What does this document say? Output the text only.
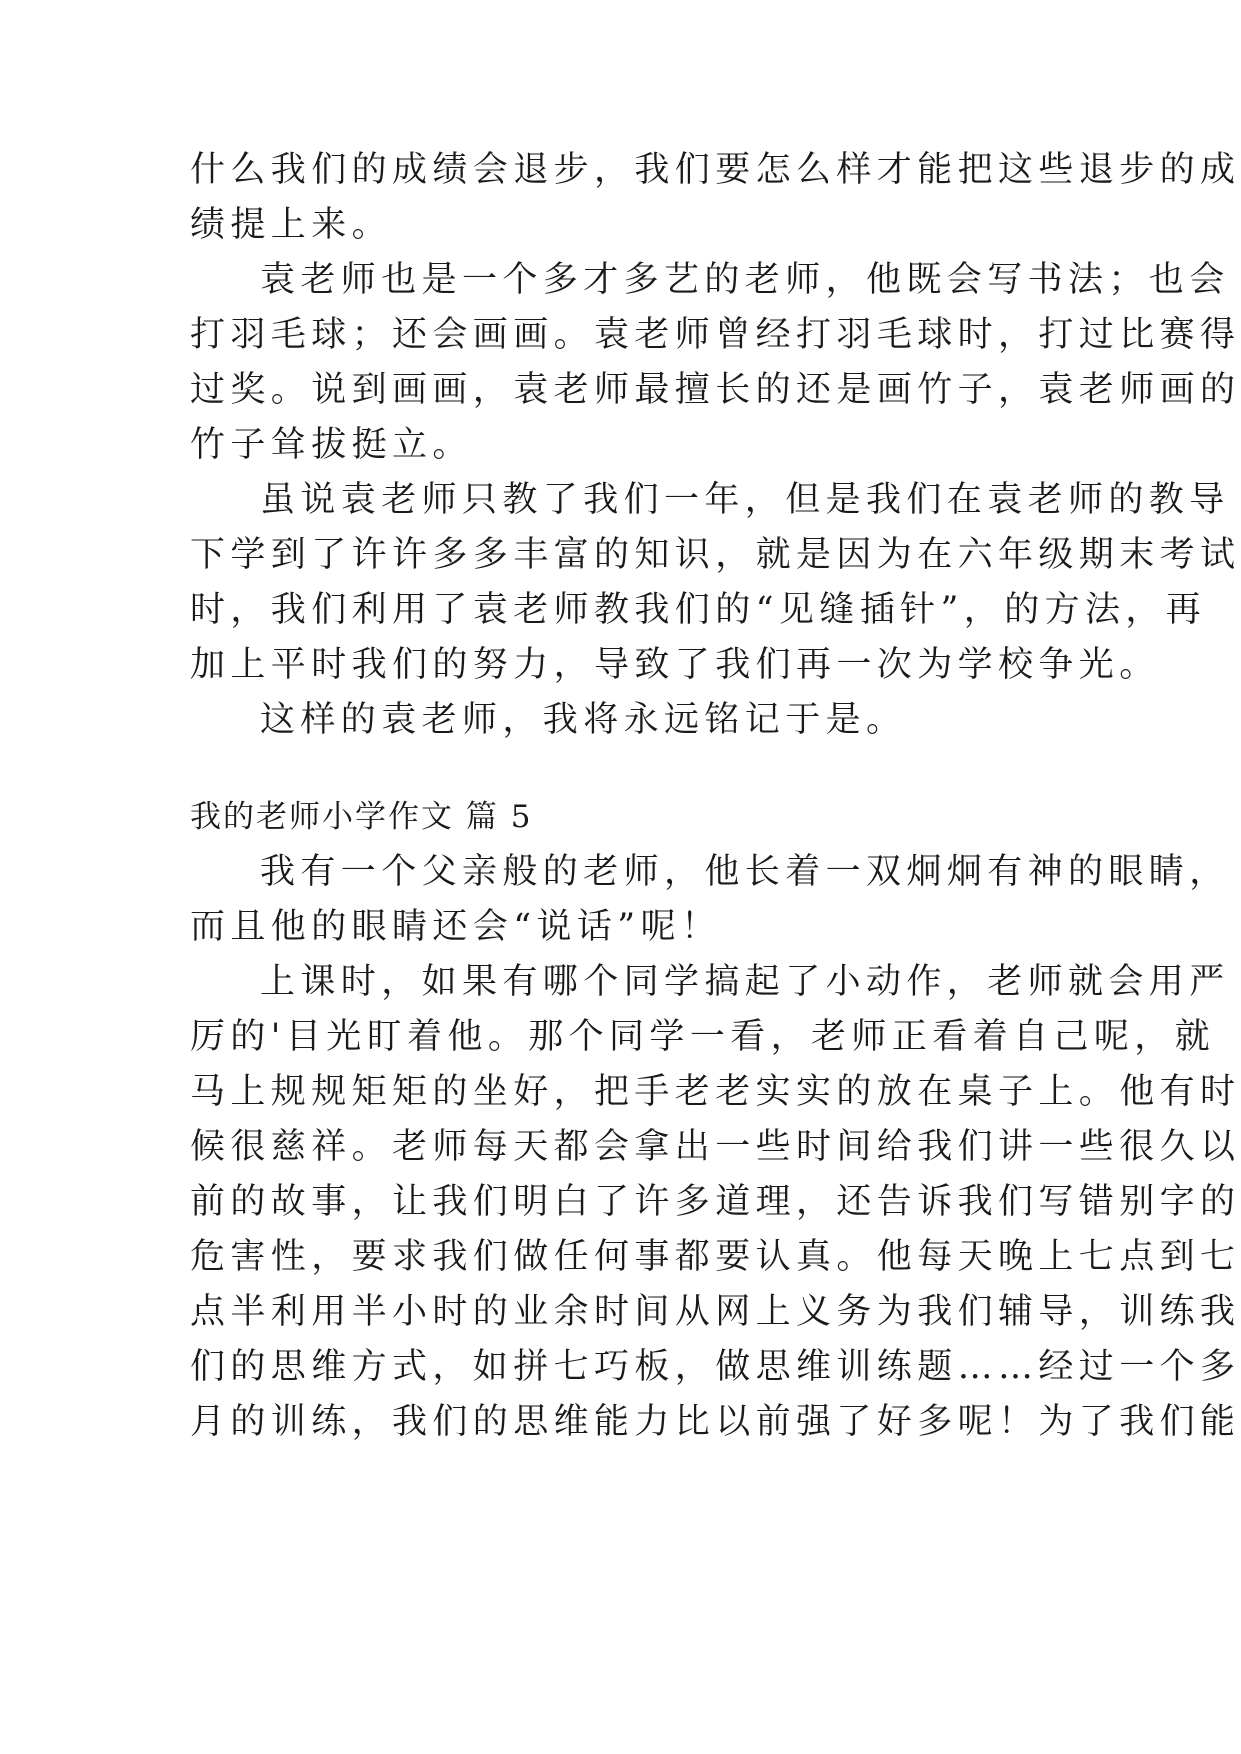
什么我们的成绩会退步，我们要怎么样才能把这些退步的成
绩提上来。
袁老师也是一个多才多艺的老师，他既会写书法；也会
打羽毛球；还会画画。袁老师曾经打羽毛球时，打过比赛得
过奖。说到画画，袁老师最擅长的还是画竹子，袁老师画的
竹子耸拔挺立。
虽说袁老师只教了我们一年，但是我们在袁老师的教导
下学到了许许多多丰富的知识，就是因为在六年级期末考试
时，我们利用了袁老师教我们的“见缝插针”，的方法，再
加上平时我们的努力，导致了我们再一次为学校争光。
这样的袁老师，我将永远铭记于是。
我的老师小学作文 篇 5
我有一个父亲般的老师，他长着一双炯炯有神的眼睛，
而且他的眼睛还会“说话”呢！
上课时，如果有哪个同学搞起了小动作，老师就会用严
厉的'目光盯着他。那个同学一看，老师正看着自己呢，就
马上规规矩矩的坐好，把手老老实实的放在桌子上。他有时
候很慈祥。老师每天都会拿出一些时间给我们讲一些很久以
前的故事，让我们明白了许多道理，还告诉我们写错别字的
危害性，要求我们做任何事都要认真。他每天晚上七点到七
点半利用半小时的业余时间从网上义务为我们辅导，训练我
们的思维方式，如拼七巧板，做思维训练题……经过一个多
月的训练，我们的思维能力比以前强了好多呢！为了我们能
